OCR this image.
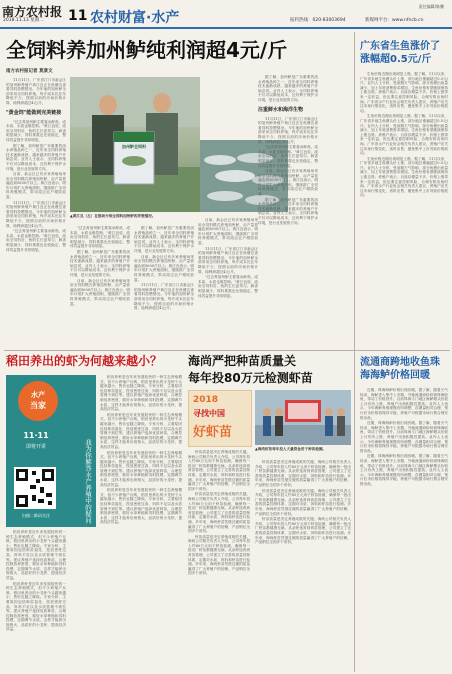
南方农村报
2018.11.13 星期二 11 农村财富·水产
责任编辑/陈鹏
报料热线：020-83003694	新媒网平台：www.nfncb.cn
全饲料养加州鲈纯利润超4元/斤
南方农村报记者 莫景文

11月11日，广东省江门市新会区的加州鲈养殖户黄江良正在鱼塘边查看饲料投喂情况。今年他的加州鲈全部采用全饲料养殖，每斤成本比往年降低不少，按照目前的市场价格计算，纯利润超过4元/斤。

"黄金饲"能做到完美链接

"过去养加州鲈主要靠冰鲜鱼，成本高，水质也难控制。"黄江良说，改用全饲料后，鱼的生长更均匀，病害明显减少，饲料系数也比较稳定，整体效益提升非常明显。

据了解，加州鲈是广东重要的淡水养殖品种之一，近年来全饲料养殖技术逐渐成熟，越来越多的养殖户开始尝试。业内人士表示，全饲料养殖不仅可以降低成本，还有利于保护水环境，是行业发展的方向。

目前，新会区已有多家养殖场采用全饲料模式养殖加州鲈，亩产量普遍达到5000斤以上。黄江良表示，明年计划扩大养殖面积，继续推广全饲料养殖模式，带动周边农户增收致富。

11月11日，广东省江门市新会区的加州鲈养殖户黄江良正在鱼塘边查看饲料投喂情况。今年他的加州鲈全部采用全饲料养殖，每斤成本比往年降低不少，按照目前的市场价格计算，纯利润超过4元/斤。

"过去养加州鲈主要靠冰鲜鱼，成本高，水质也难控制。"黄江良说，改用全饲料后，鱼的生长更均匀，病害明显减少，饲料系数也比较稳定，整体效益提升非常明显。

加州鲈全饲料
▲黄江良（左）在渔场介绍全饲料加州鲈的养殖情况。

"过去养加州鲈主要靠冰鲜鱼，成本高，水质也难控制。"黄江良说，改用全饲料后，鱼的生长更均匀，病害明显减少，饲料系数也比较稳定，整体效益提升非常明显。

据了解，加州鲈是广东重要的淡水养殖品种之一，近年来全饲料养殖技术逐渐成熟，越来越多的养殖户开始尝试。业内人士表示，全饲料养殖不仅可以降低成本，还有利于保护水环境，是行业发展的方向。

目前，新会区已有多家养殖场采用全饲料模式养殖加州鲈，亩产量普遍达到5000斤以上。黄江良表示，明年计划扩大养殖面积，继续推广全饲料养殖模式，带动周边农户增收致富。

据了解，加州鲈是广东重要的淡水养殖品种之一，近年来全饲料养殖技术逐渐成熟，越来越多的养殖户开始尝试。业内人士表示，全饲料养殖不仅可以降低成本，还有利于保护水环境，是行业发展的方向。

目前，新会区已有多家养殖场采用全饲料模式养殖加州鲈，亩产量普遍达到5000斤以上。黄江良表示，明年计划扩大养殖面积，继续推广全饲料养殖模式，带动周边农户增收致富。

11月11日，广东省江门市新会区的加州鲈养殖户黄江良正在鱼塘边查看饲料投喂情况。今年他的加州鲈全部采用全饲料养殖，每斤成本比往年降低不少，按照目前的市场价格计算，纯利润超过4元/斤。

目前，新会区已有多家养殖场采用全饲料模式养殖加州鲈，亩产量普遍达到5000斤以上。黄江良表示，明年计划扩大养殖面积，继续推广全饲料养殖模式，带动周边农户增收致富。

11月11日，广东省江门市新会区的加州鲈养殖户黄江良正在鱼塘边查看饲料投喂情况。今年他的加州鲈全部采用全饲料养殖，每斤成本比往年降低不少，按照目前的市场价格计算，纯利润超过4元/斤。

"过去养加州鲈主要靠冰鲜鱼，成本高，水质也难控制。"黄江良说，改用全饲料后，鱼的生长更均匀，病害明显减少，饲料系数也比较稳定，整体效益提升非常明显。

据了解，加州鲈是广东重要的淡水养殖品种之一，近年来全饲料养殖技术逐渐成熟，越来越多的养殖户开始尝试。业内人士表示，全饲料养殖不仅可以降低成本，还有利于保护水环境，是行业发展的方向。

注重鲜水和海洋生物

11月11日，广东省江门市新会区的加州鲈养殖户黄江良正在鱼塘边查看饲料投喂情况。今年他的加州鲈全部采用全饲料养殖，每斤成本比往年降低不少，按照目前的市场价格计算，纯利润超过4元/斤。

"过去养加州鲈主要靠冰鲜鱼，成本高，水质也难控制。"黄江良说，改用全饲料后，鱼的生长更均匀，病害明显减少，饲料系数也比较稳定，整体效益提升非常明显。

目前，新会区已有多家养殖场采用全饲料模式养殖加州鲈，亩产量普遍达到5000斤以上。黄江良表示，明年计划扩大养殖面积，继续推广全饲料养殖模式，带动周边农户增收致富。

据了解，加州鲈是广东重要的淡水养殖品种之一，近年来全饲料养殖技术逐渐成熟，越来越多的养殖户开始尝试。业内人士表示，全饲料养殖不仅可以降低成本，还有利于保护水环境，是行业发展的方向。

广东省生鱼涨价了涨幅超0.5元/斤

生鱼价格近期出现明显上涨。据了解，11月以来，广东省多地生鱼塘头价上涨，部分地区涨幅超过0.5元/斤。业内人士分析，受前期天气影响，部分鱼塘出鱼量减少，加上年底消费需求增加，生鱼价格有望继续保持上涨态势。养殖户表示，目前存塘量不多，价格上涨带来一定收益，但也要注意控制风险，合理安排出鱼时间。广东省水产行业协会相关负责人建议，养殖户应关注市场行情变化，适时出售，避免集中上市导致价格波动。

生鱼价格近期出现明显上涨。据了解，11月以来，广东省多地生鱼塘头价上涨，部分地区涨幅超过0.5元/斤。业内人士分析，受前期天气影响，部分鱼塘出鱼量减少，加上年底消费需求增加，生鱼价格有望继续保持上涨态势。养殖户表示，目前存塘量不多，价格上涨带来一定收益，但也要注意控制风险，合理安排出鱼时间。广东省水产行业协会相关负责人建议，养殖户应关注市场行情变化，适时出售，避免集中上市导致价格波动。

生鱼价格近期出现明显上涨。据了解，11月以来，广东省多地生鱼塘头价上涨，部分地区涨幅超过0.5元/斤。业内人士分析，受前期天气影响，部分鱼塘出鱼量减少，加上年底消费需求增加，生鱼价格有望继续保持上涨态势。养殖户表示，目前存塘量不多，价格上涨带来一定收益，但也要注意控制风险，合理安排出鱼时间。广东省水产行业协会相关负责人建议，养殖户应关注市场行情变化，适时出售，避免集中上市导致价格波动。

稻田养出的虾为何越来越小？
水产
当家
11·11
即将开讲
扫描二维码关注	我为你解答水产养殖中的疑问

稻田养虾是近年来发展较快的一种生态养殖模式，但不少养殖户反映，稻田里养出的小龙虾个头越来越小，售价也随之降低。专家分析，主要原因包括种苗退化、投放密度过高、饵料不足以及水质管理不到位等。建议养殖户选择优质种苗，合理控制放养密度，做好水草种植和饲料投喂，定期调节水质，这样才能养出规格大、品质好的小龙虾，提高经济效益。

稻田养虾是近年来发展较快的一种生态养殖模式，但不少养殖户反映，稻田里养出的小龙虾个头越来越小，售价也随之降低。专家分析，主要原因包括种苗退化、投放密度过高、饵料不足以及水质管理不到位等。建议养殖户选择优质种苗，合理控制放养密度，做好水草种植和饲料投喂，定期调节水质，这样才能养出规格大、品质好的小龙虾，提高经济效益。

稻田养虾是近年来发展较快的一种生态养殖模式，但不少养殖户反映，稻田里养出的小龙虾个头越来越小，售价也随之降低。专家分析，主要原因包括种苗退化、投放密度过高、饵料不足以及水质管理不到位等。建议养殖户选择优质种苗，合理控制放养密度，做好水草种植和饲料投喂，定期调节水质，这样才能养出规格大、品质好的小龙虾，提高经济效益。

稻田养虾是近年来发展较快的一种生态养殖模式，但不少养殖户反映，稻田里养出的小龙虾个头越来越小，售价也随之降低。专家分析，主要原因包括种苗退化、投放密度过高、饵料不足以及水质管理不到位等。建议养殖户选择优质种苗，合理控制放养密度，做好水草种植和饲料投喂，定期调节水质，这样才能养出规格大、品质好的小龙虾，提高经济效益。

稻田养虾是近年来发展较快的一种生态养殖模式，但不少养殖户反映，稻田里养出的小龙虾个头越来越小，售价也随之降低。专家分析，主要原因包括种苗退化、投放密度过高、饵料不足以及水质管理不到位等。建议养殖户选择优质种苗，合理控制放养密度，做好水草种植和饲料投喂，定期调节水质，这样才能养出规格大、品质好的小龙虾，提高经济效益。

稻田养虾是近年来发展较快的一种生态养殖模式，但不少养殖户反映，稻田里养出的小龙虾个头越来越小，售价也随之降低。专家分析，主要原因包括种苗退化、投放密度过高、饵料不足以及水质管理不到位等。建议养殖户选择优质种苗，合理控制放养密度，做好水草种植和饲料投喂，定期调节水质，这样才能养出规格大、品质好的小龙虾，提高经济效益。

海尚严把种苗质量关
每年投80万元检测虾苗
2018
寻找中国
好虾苗
▲海尚虾苗每年投入大量资金用于种苗检测。

虾苗质量是决定养殖成败的关键。海尚公司相关负责人介绍，公司每年投入约80万元用于虾苗检测，确保每一批出厂虾苗都健康无病。从亲虾选育到育苗管理，公司建立了完善的质量控制体系，定期对水质、饵料和虾苗进行检测。多年来，海尚虾苗凭借过硬的质量赢得了广大养殖户的信赖，产品销往全国多个省份。

虾苗质量是决定养殖成败的关键。海尚公司相关负责人介绍，公司每年投入约80万元用于虾苗检测，确保每一批出厂虾苗都健康无病。从亲虾选育到育苗管理，公司建立了完善的质量控制体系，定期对水质、饵料和虾苗进行检测。多年来，海尚虾苗凭借过硬的质量赢得了广大养殖户的信赖，产品销往全国多个省份。

虾苗质量是决定养殖成败的关键。海尚公司相关负责人介绍，公司每年投入约80万元用于虾苗检测，确保每一批出厂虾苗都健康无病。从亲虾选育到育苗管理，公司建立了完善的质量控制体系，定期对水质、饵料和虾苗进行检测。多年来，海尚虾苗凭借过硬的质量赢得了广大养殖户的信赖，产品销往全国多个省份。

虾苗质量是决定养殖成败的关键。海尚公司相关负责人介绍，公司每年投入约80万元用于虾苗检测，确保每一批出厂虾苗都健康无病。从亲虾选育到育苗管理，公司建立了完善的质量控制体系，定期对水质、饵料和虾苗进行检测。多年来，海尚虾苗凭借过硬的质量赢得了广大养殖户的信赖，产品销往全国多个省份。

虾苗质量是决定养殖成败的关键。海尚公司相关负责人介绍，公司每年投入约80万元用于虾苗检测，确保每一批出厂虾苗都健康无病。从亲虾选育到育苗管理，公司建立了完善的质量控制体系，定期对水质、饵料和虾苗进行检测。多年来，海尚虾苗凭借过硬的质量赢得了广大养殖户的信赖，产品销往全国多个省份。

虾苗质量是决定养殖成败的关键。海尚公司相关负责人介绍，公司每年投入约80万元用于虾苗检测，确保每一批出厂虾苗都健康无病。从亲虾选育到育苗管理，公司建立了完善的质量控制体系，定期对水质、饵料和虾苗进行检测。多年来，海尚虾苗凭借过硬的质量赢得了广大养殖户的信赖，产品销往全国多个省份。

流通商跨地收鱼珠海海鲈价格回暖

近期，珠海海鲈价格出现回暖。据了解，随着天气转凉，海鲈进入集中上市期，外地流通商纷纷到珠海收鱼，带动了价格回升。目前珠海斗门地区海鲈塘头价较上月有所上涨，养殖户出鱼积极性提高。业内人士表示，今年海鲈养殖规模有所调整，存塘量相对合理，预计后市价格将保持平稳，养殖户可根据市场行情合理安排出鱼。

近期，珠海海鲈价格出现回暖。据了解，随着天气转凉，海鲈进入集中上市期，外地流通商纷纷到珠海收鱼，带动了价格回升。目前珠海斗门地区海鲈塘头价较上月有所上涨，养殖户出鱼积极性提高。业内人士表示，今年海鲈养殖规模有所调整，存塘量相对合理，预计后市价格将保持平稳，养殖户可根据市场行情合理安排出鱼。

近期，珠海海鲈价格出现回暖。据了解，随着天气转凉，海鲈进入集中上市期，外地流通商纷纷到珠海收鱼，带动了价格回升。目前珠海斗门地区海鲈塘头价较上月有所上涨，养殖户出鱼积极性提高。业内人士表示，今年海鲈养殖规模有所调整，存塘量相对合理，预计后市价格将保持平稳，养殖户可根据市场行情合理安排出鱼。
